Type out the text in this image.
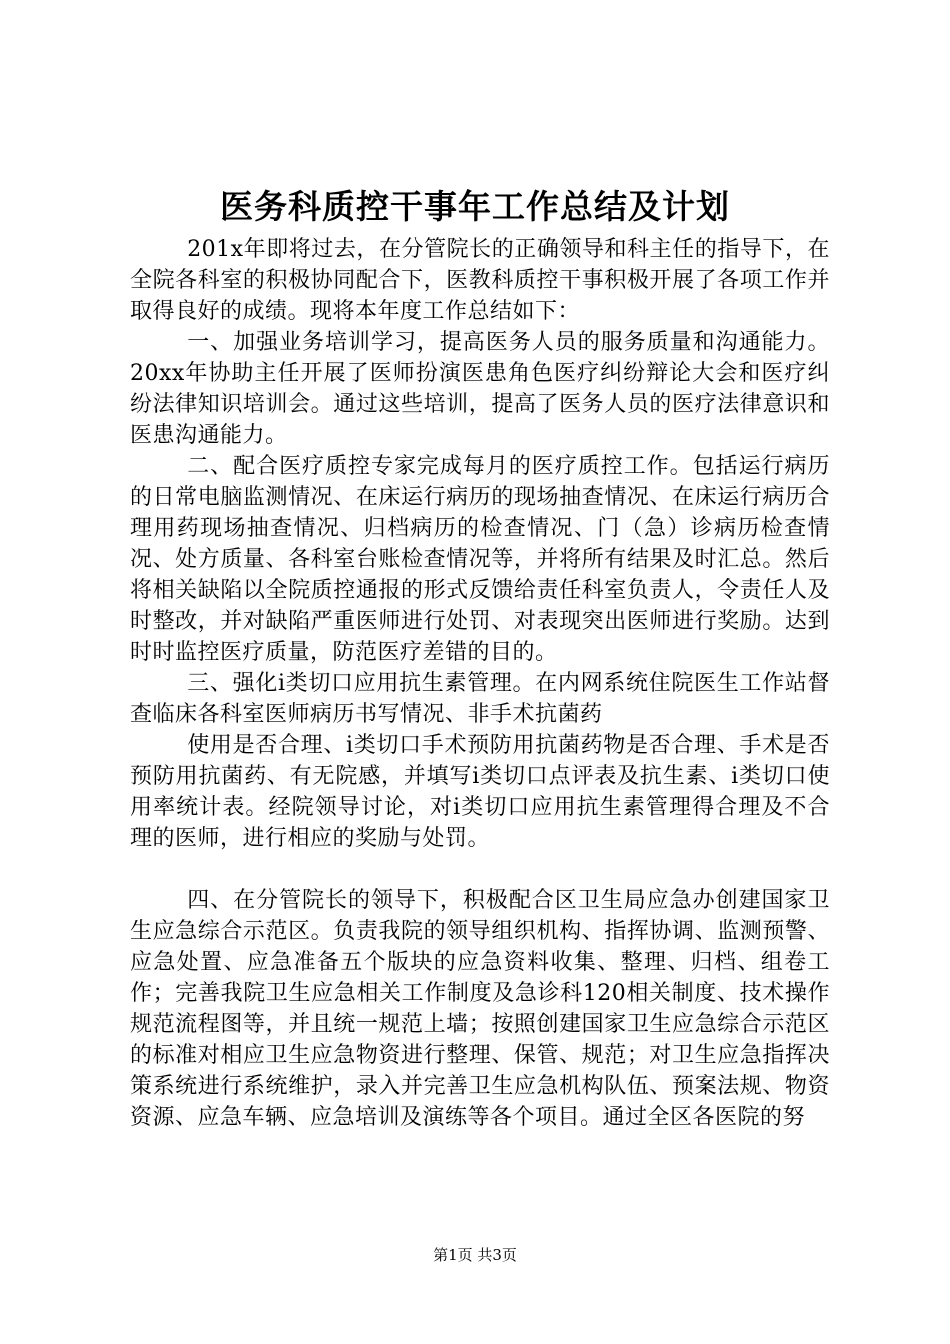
医务科质控干事年工作总结及计划

201x年即将过去，在分管院长的正确领导和科主任的指导下，在全院各科室的积极协同配合下，医教科质控干事积极开展了各项工作并取得良好的成绩。现将本年度工作总结如下：

一、加强业务培训学习，提高医务人员的服务质量和沟通能力。20xx年协助主任开展了医师扮演医患角色医疗纠纷辩论大会和医疗纠纷法律知识培训会。通过这些培训，提高了医务人员的医疗法律意识和医患沟通能力。

二、配合医疗质控专家完成每月的医疗质控工作。包括运行病历的日常电脑监测情况、在床运行病历的现场抽查情况、在床运行病历合理用药现场抽查情况、归档病历的检查情况、门（急）诊病历检查情况、处方质量、各科室台账检查情况等，并将所有结果及时汇总。然后将相关缺陷以全院质控通报的形式反馈给责任科室负责人，令责任人及时整改，并对缺陷严重医师进行处罚、对表现突出医师进行奖励。达到时时监控医疗质量，防范医疗差错的目的。

三、强化ⅰ类切口应用抗生素管理。在内网系统住院医生工作站督查临床各科室医师病历书写情况、非手术抗菌药

使用是否合理、ⅰ类切口手术预防用抗菌药物是否合理、手术是否预防用抗菌药、有无院感，并填写ⅰ类切口点评表及抗生素、ⅰ类切口使用率统计表。经院领导讨论，对ⅰ类切口应用抗生素管理得合理及不合理的医师，进行相应的奖励与处罚。

四、在分管院长的领导下，积极配合区卫生局应急办创建国家卫生应急综合示范区。负责我院的领导组织机构、指挥协调、监测预警、应急处置、应急准备五个版块的应急资料收集、整理、归档、组卷工作；完善我院卫生应急相关工作制度及急诊科120相关制度、技术操作规范流程图等，并且统一规范上墙；按照创建国家卫生应急综合示范区的标准对相应卫生应急物资进行整理、保管、规范；对卫生应急指挥决策系统进行系统维护，录入并完善卫生应急机构队伍、预案法规、物资资源、应急车辆、应急培训及演练等各个项目。通过全区各医院的努

第1页 共3页
